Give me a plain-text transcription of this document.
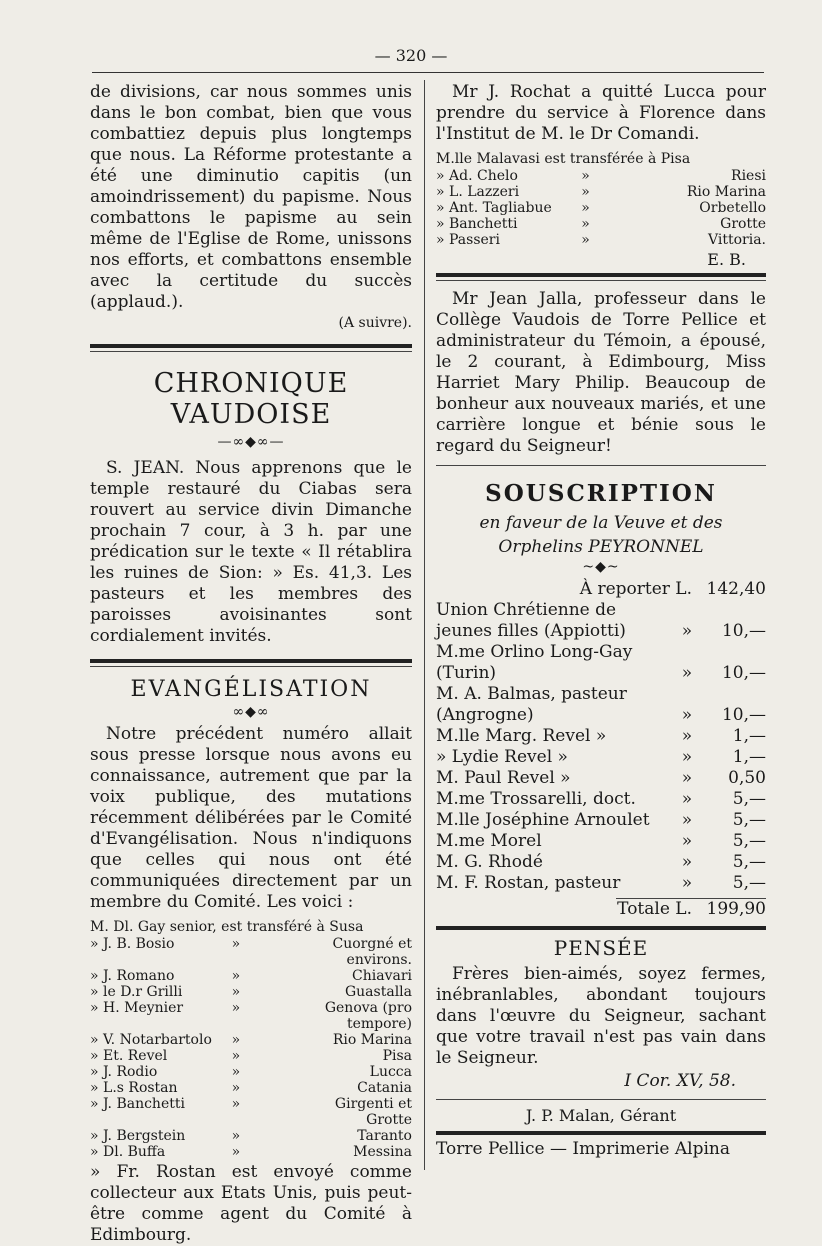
— 320 —

de divisions, car nous sommes unis dans le bon combat, bien que vous combattiez depuis plus longtemps que nous. La Réforme protestante a été une diminutio capitis (un amoindrissement) du papisme. Nous combattons le papisme au sein même de l'Eglise de Rome, unissons nos efforts, et combattons ensemble avec la certitude du succès (applaud.).

(A suivre).

CHRONIQUE VAUDOISE
—∞◆∞—

S. JEAN. Nous apprenons que le temple restauré du Ciabas sera rouvert au service divin Dimanche prochain 7 cour, à 3 h. par une prédication sur le texte « Il rétablira les ruines de Sion: » Es. 41,3. Les pasteurs et les membres des paroisses avoisinantes sont cordialement invités.

EVANGÉLISATION
∞◆∞

Notre précédent numéro allait sous presse lorsque nous avons eu connaissance, autrement que par la voix publique, des mutations récemment délibérées par le Comité d'Evangélisation. Nous n'indiquons que celles qui nous ont été communiquées directement par un membre du Comité. Les voici :

M. Dl. Gay senior, est transféré à Susa

» J. B. Bosio	»	Cuorgné et environs.
» J. Romano	»	Chiavari
» le D.r Grilli	»	Guastalla
» H. Meynier	»	Genova (pro tempore)
» V. Notarbartolo	»	Rio Marina
» Et. Revel	»	Pisa
» J. Rodio	»	Lucca
» L.s Rostan	»	Catania
» J. Banchetti	»	Girgenti et Grotte
» J. Bergstein	»	Taranto
» Dl. Buffa	»	Messina

» Fr. Rostan est envoyé comme collecteur aux Etats Unis, puis peut-être comme agent du Comité à Edimbourg.

Mr J. Rochat a quitté Lucca pour prendre du service à Florence dans l'Institut de M. le Dr Comandi.

M.lle Malavasi est transférée à Pisa

» Ad. Chelo	»	Riesi
» L. Lazzeri	»	Rio Marina
» Ant. Tagliabue	»	Orbetello
» Banchetti	»	Grotte
» Passeri	»	Vittoria.

E. B.

Mr Jean Jalla, professeur dans le Collège Vaudois de Torre Pellice et administrateur du Témoin, a épousé, le 2 courant, à Edimbourg, Miss Harriet Mary Philip. Beaucoup de bonheur aux nouveaux mariés, et une carrière longue et bénie sous le regard du Seigneur!

SOUSCRIPTION
en faveur de la Veuve et des
Orphelins PEYRONNEL
~◆~
À reporter L.		142,40
Union Chrétienne de jeunes filles (Appiotti)	»	10,—
M.me Orlino Long-Gay (Turin)	»	10,—
M. A. Balmas, pasteur (Angrogne)	»	10,—
M.lle Marg. Revel »	»	1,—
» Lydie Revel »	»	1,—
M. Paul Revel »	»	0,50
M.me Trossarelli, doct.	»	5,—
M.lle Joséphine Arnoulet	»	5,—
M.me Morel	»	5,—
M. G. Rhodé	»	5,—
M. F. Rostan, pasteur	»	5,—
Totale L.	199,90
PENSÉE

Frères bien-aimés, soyez fermes, inébranlables, abondant toujours dans l'œuvre du Seigneur, sachant que votre travail n'est pas vain dans le Seigneur.

I Cor. XV, 58.

J. P. Malan, Gérant
Torre Pellice — Imprimerie Alpina
